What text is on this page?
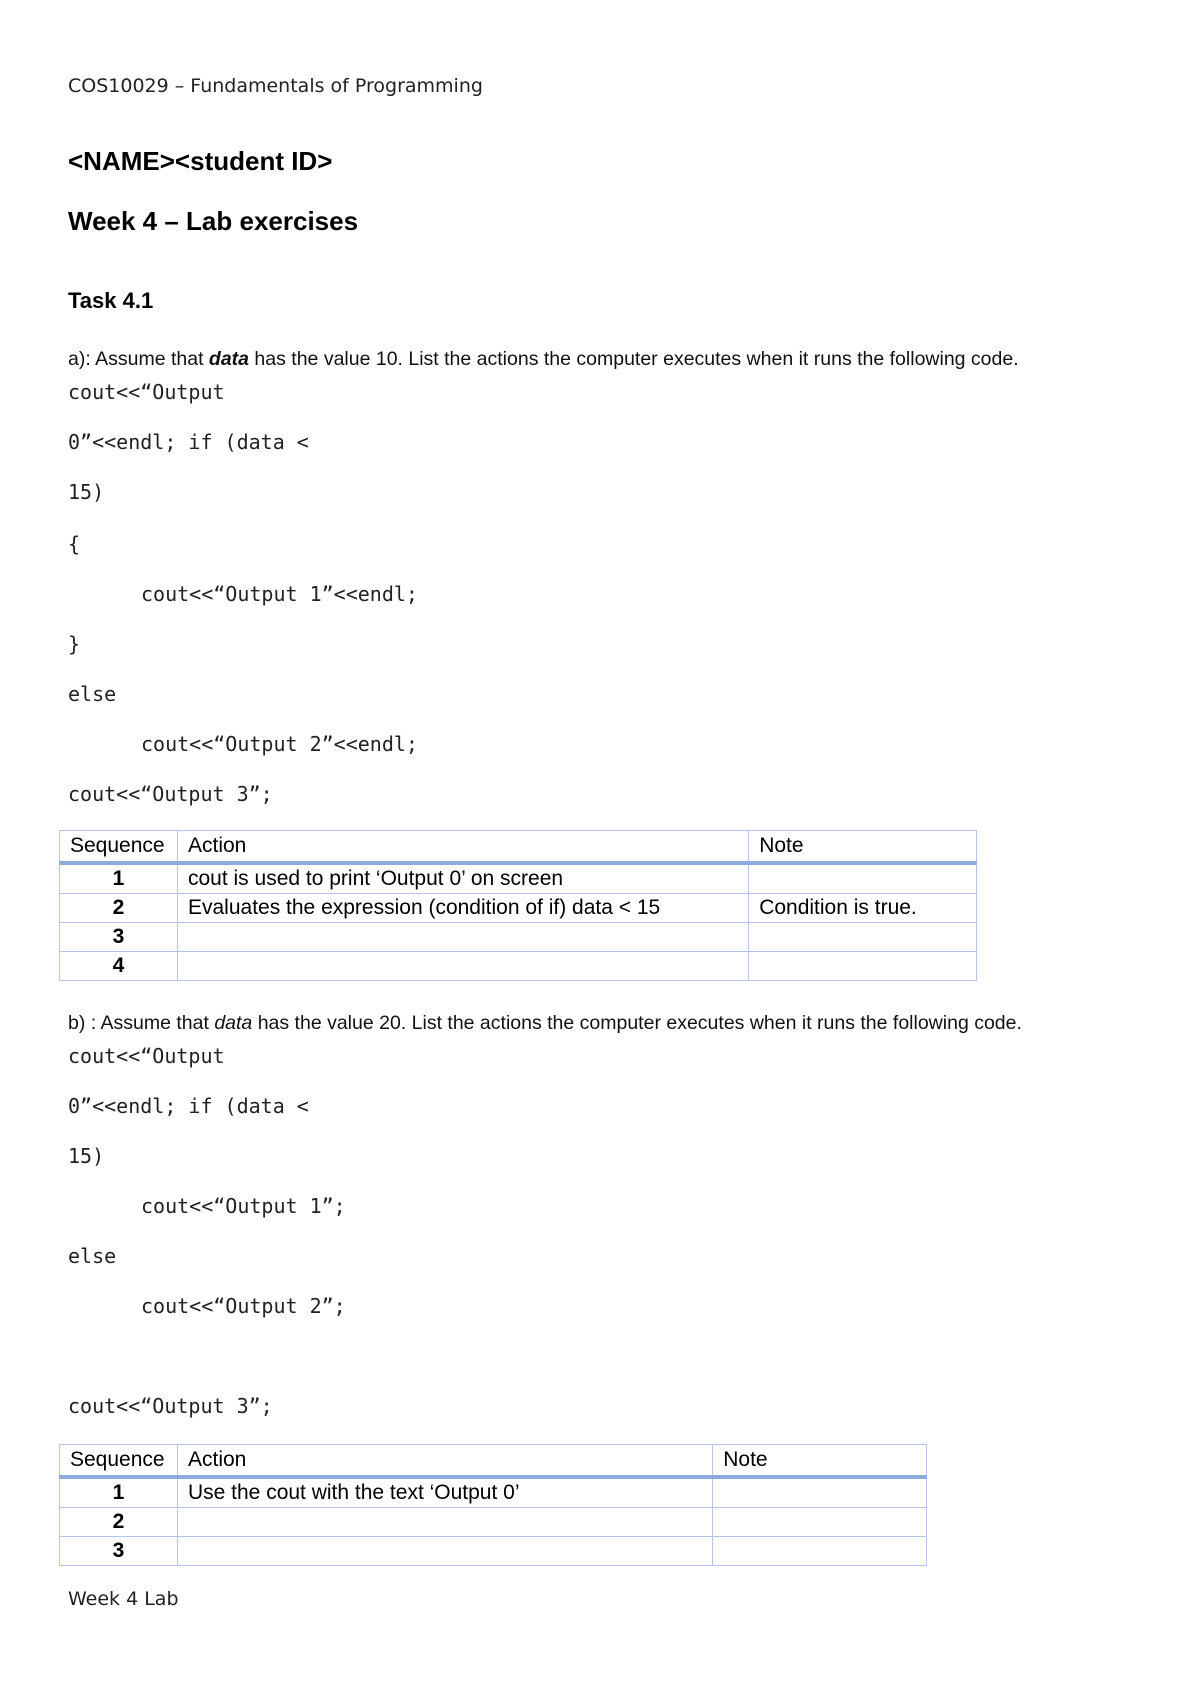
COS10029 – Fundamentals of Programming
<NAME><student ID>
Week 4 – Lab exercises
Task 4.1
a): Assume that data has the value 10. List the actions the computer executes when it runs the following code.
cout<<“Output
0”<<endl; if (data <
15)
{
cout<<“Output 1”<<endl;
}
else
cout<<“Output 2”<<endl;
cout<<“Output 3”;
Sequence	Action	Note
1	cout is used to print ‘Output 0’ on screen	
2	Evaluates the expression (condition of if) data < 15	Condition is true.
3		
4		
b) : Assume that data has the value 20. List the actions the computer executes when it runs the following code.
cout<<“Output
0”<<endl; if (data <
15)
cout<<“Output 1”;
else
cout<<“Output 2”;
cout<<“Output 3”;
Sequence	Action	Note
1	Use the cout with the text ‘Output 0’	
2		
3		
Week 4 Lab
